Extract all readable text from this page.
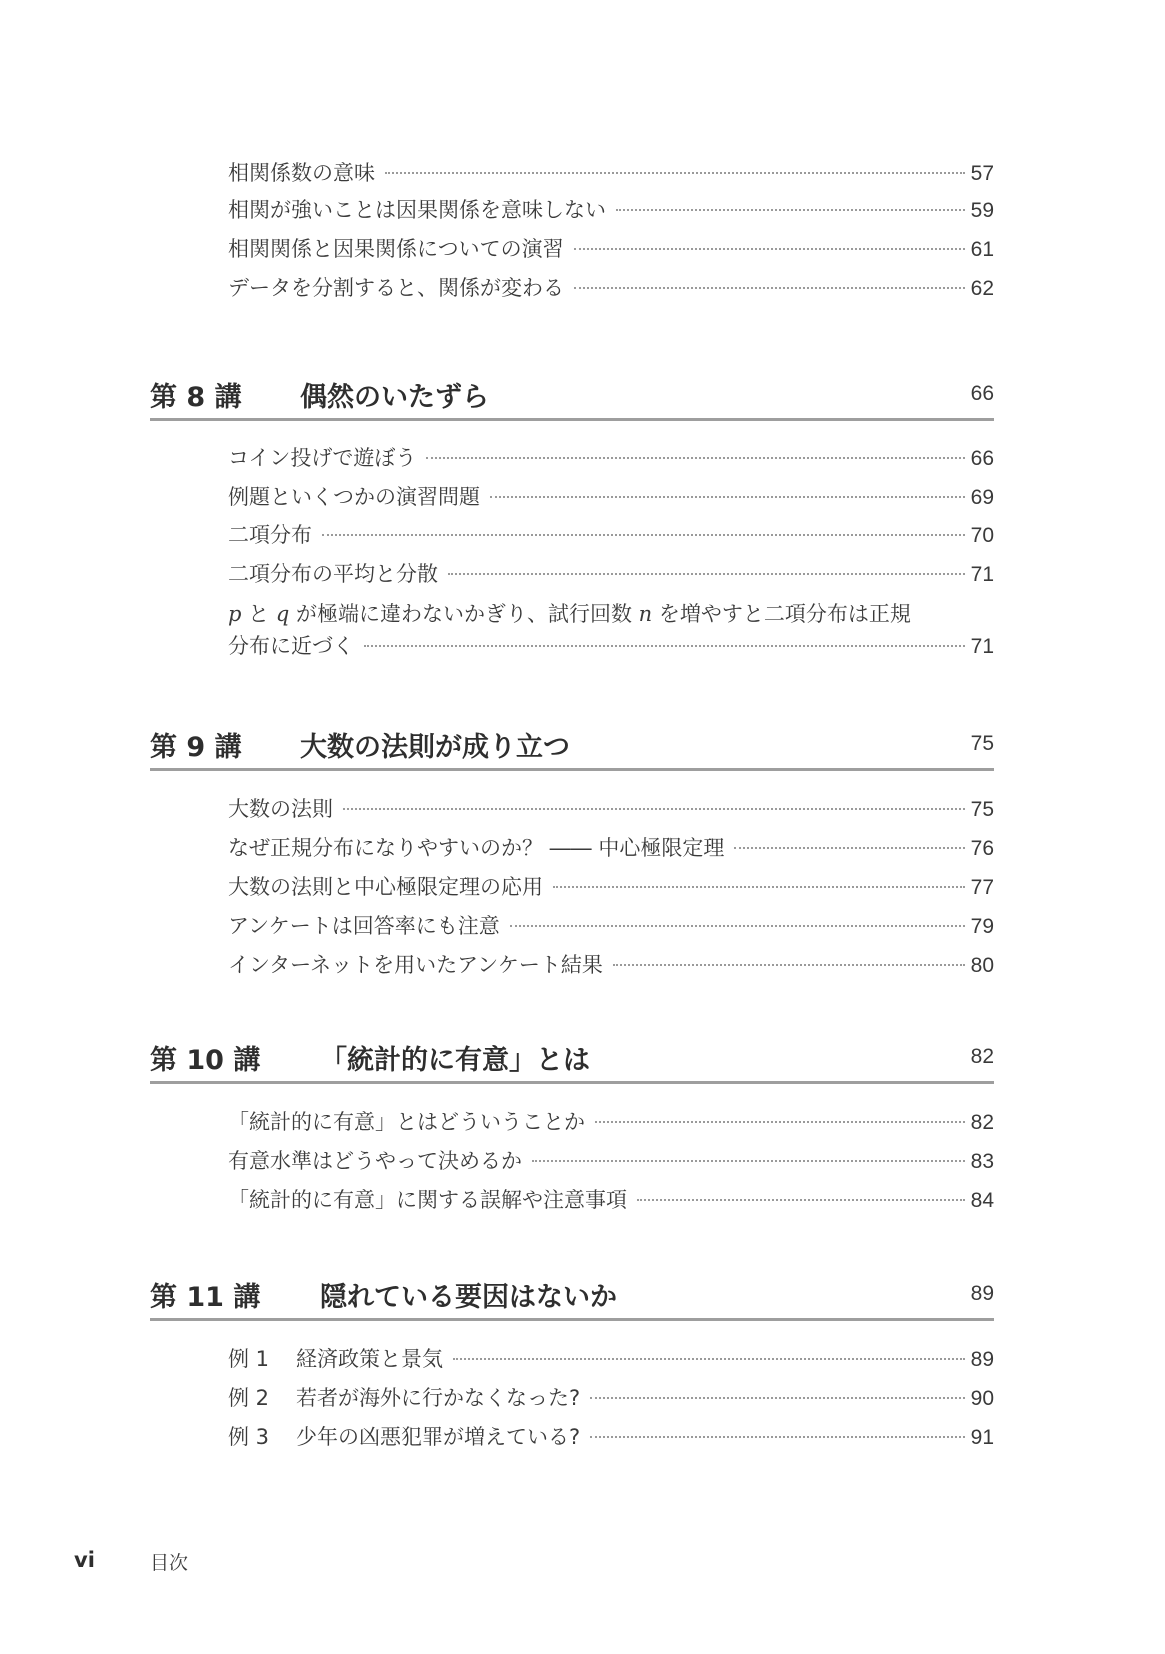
相関係数の意味	57
相関が強いことは因果関係を意味しない	59
相関関係と因果関係についての演習	61
データを分割すると、関係が変わる	62
第 8 講	偶然のいたずら	66
コイン投げで遊ぼう	66
例題といくつかの演習問題	69
二項分布	70
二項分布の平均と分散	71
p と q が極端に違わないかぎり、試行回数 n を増やすと二項分布は正規
分布に近づく	71
第 9 講	大数の法則が成り立つ	75
大数の法則	75
なぜ正規分布になりやすいのか？ ―― 中心極限定理	76
大数の法則と中心極限定理の応用	77
アンケートは回答率にも注意	79
インターネットを用いたアンケート結果	80
第 10 講	「統計的に有意」とは	82
「統計的に有意」とはどういうことか	82
有意水準はどうやって決めるか	83
「統計的に有意」に関する誤解や注意事項	84
第 11 講	隠れている要因はないか	89
例 1	経済政策と景気	89
例 2	若者が海外に行かなくなった?	90
例 3	少年の凶悪犯罪が増えている?	91
vi	目次
